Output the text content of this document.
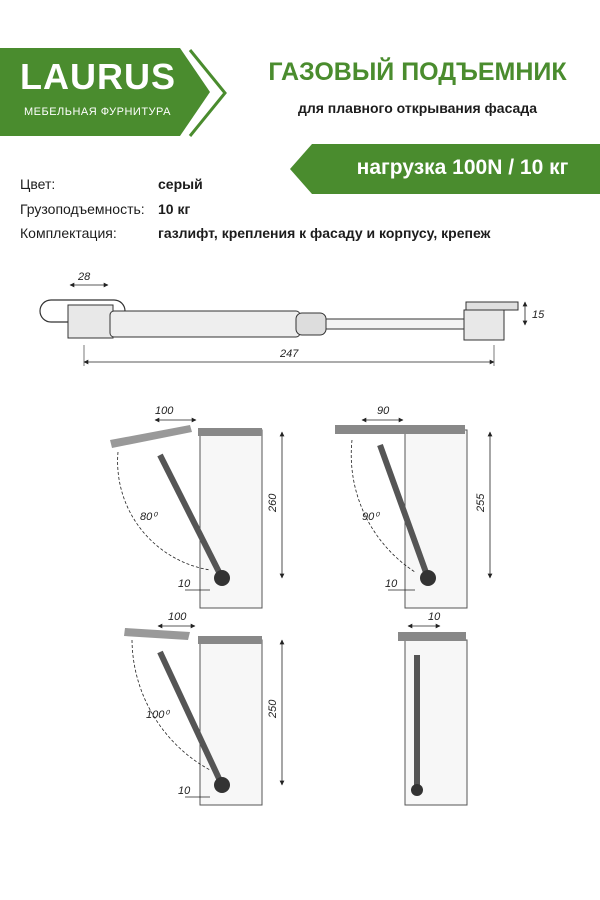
LAURUS
МЕБЕЛЬНАЯ ФУРНИТУРА
ГАЗОВЫЙ ПОДЪЕМНИК
для плавного открывания фасада
нагрузка 100N / 10 кг
Цвет:	серый
Грузоподъемность: 10 кг
Комплектация:	газлифт, крепления к фасаду и корпусу, крепеж
28
247
15
100
80⁰
260
10
90
90⁰
255
10
100
100⁰	250
10
10
